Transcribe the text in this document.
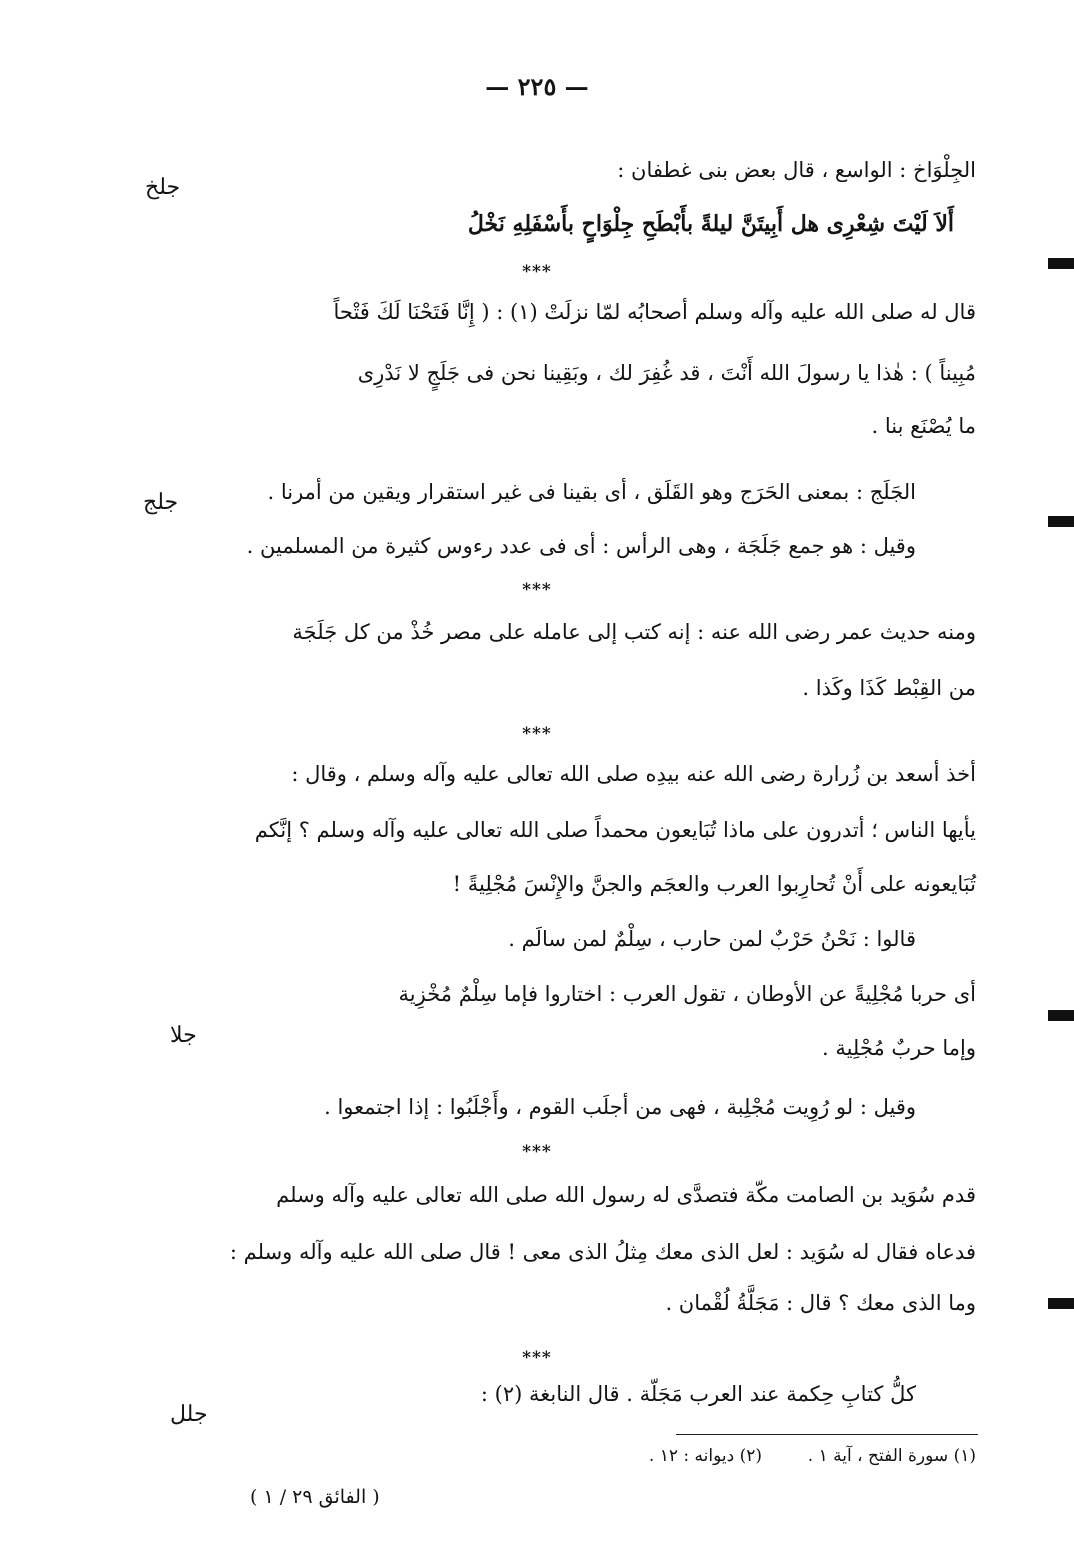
— ٢٢٥ —
جلخ
جلج
جلا
جلل
الجِلْوَاخ : الواسع ، قال بعض بنى غطفان :
أَلاَ لَيْتَ شِعْرِى هل أَبِيتَنَّ ليلةً بأَبْطَحِ جِلْوَاحٍ بأَسْفَلِهِ نَخْلُ
***
قال له صلى الله عليه وآله وسلم أصحابُه لمّا نزلَتْ (١) : ( إِنَّا فَتَحْنَا لَكَ فَتْحاً
مُبِيناً ) : هٰذا يا رسولَ الله أَنْتَ ، قد غُفِرَ لك ، وبَقِينا نحن فى جَلَجٍ لا نَدْرِى
ما يُصْنَع بنا .
الجَلَج : بمعنى الحَرَج وهو القَلَق ، أى بقينا فى غير استقرار ويقين من أمرنا .
وقيل : هو جمع جَلَجَة ، وهى الرأس : أى فى عدد رءوس كثيرة من المسلمين .
***
ومنه حديث عمر رضى الله عنه : إنه كتب إلى عامله على مصر خُذْ من كل جَلَجَة
من القِبْط كَذَا وكَذا .
***
أخذ أسعد بن زُرارة رضى الله عنه بيدِه صلى الله تعالى عليه وآله وسلم ، وقال :
يأيها الناس ؛ أتدرون على ماذا تُبَايعون محمداً صلى الله تعالى عليه وآله وسلم ؟ إنَّكم
تُبَايعونه على أَنْ تُحارِبوا العرب والعجَم والجنَّ والإِنْسَ مُجْلِيةً !
قالوا : نَحْنُ حَرْبٌ لمن حارب ، سِلْمٌ لمن سالَم .
أى حربا مُجْلِيةً عن الأوطان ، تقول العرب : اختاروا فإما سِلْمٌ مُخْزِية
وإما حربٌ مُجْلِية .
وقيل : لو رُوِيت مُجْلِبة ، فهى من أجلَب القوم ، وأَجْلَبُوا : إذا اجتمعوا .
***
قدم سُوَيد بن الصامت مكّة فتصدَّى له رسول الله صلى الله تعالى عليه وآله وسلم
فدعاه فقال له سُوَيد : لعل الذى معك مِثلُ الذى معى ! قال صلى الله عليه وآله وسلم :
وما الذى معك ؟ قال : مَجَلَّةُ لُقْمان .
***
كلُّ كتابِ حِكمة عند العرب مَجَلّة . قال النابغة (٢) :
(١) سورة الفتح ، آية ١ .
(٢) ديوانه : ١٢ .
( الفائق ٢٩ / ١ )
